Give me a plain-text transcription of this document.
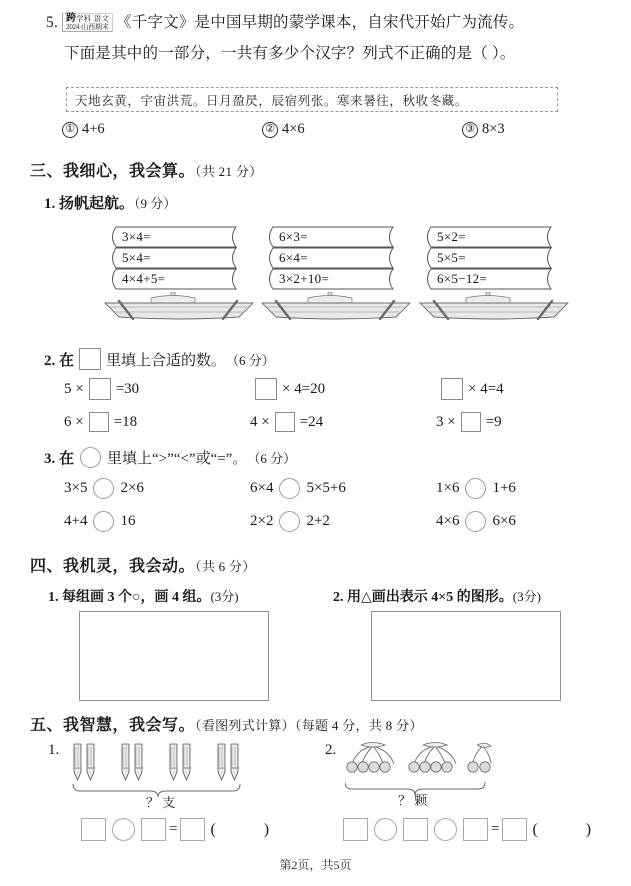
5. 跨学科 语文
2024·山西期末 《千字文》是中国早期的蒙学课本，自宋代开始广为流传。
下面是其中的一部分，一共有多少个汉字？列式不正确的是（ ）。
天地玄黄，宇宙洪荒。日月盈昃，辰宿列张。寒来暑往，秋收冬藏。
① 4+6	② 4×6	③ 8×3
三、我细心，我会算。（共 21 分）
1. 扬帆起航。（9 分）
3×4=
5×4=
4×4+5=
6×3=
6×4=
3×2+10=
5×2=
5×5=
6×5−12=
2. 在 里填上合适的数。 （6 分）
5 × =30	× 4=20	× 4=4
6 × =18	4 × =24	3 × =9
3. 在 里填上“>”“<”或“=”。 （6 分）
3×5 2×6	6×4 5×5+6	1×6 1+6
4+4 16	2×2 2+2	4×6 6×6
四、我机灵，我会动。（共 6 分）
1. 每组画 3 个○，画 4 组。(3分)	2. 用△画出表示 4×5 的图形。(3分)
五、我智慧，我会写。（看图列式计算）（每题 4 分，共 8 分）
1.	2.
？ 支	？ 颗
= (	)	= (	)
第2页，共5页
